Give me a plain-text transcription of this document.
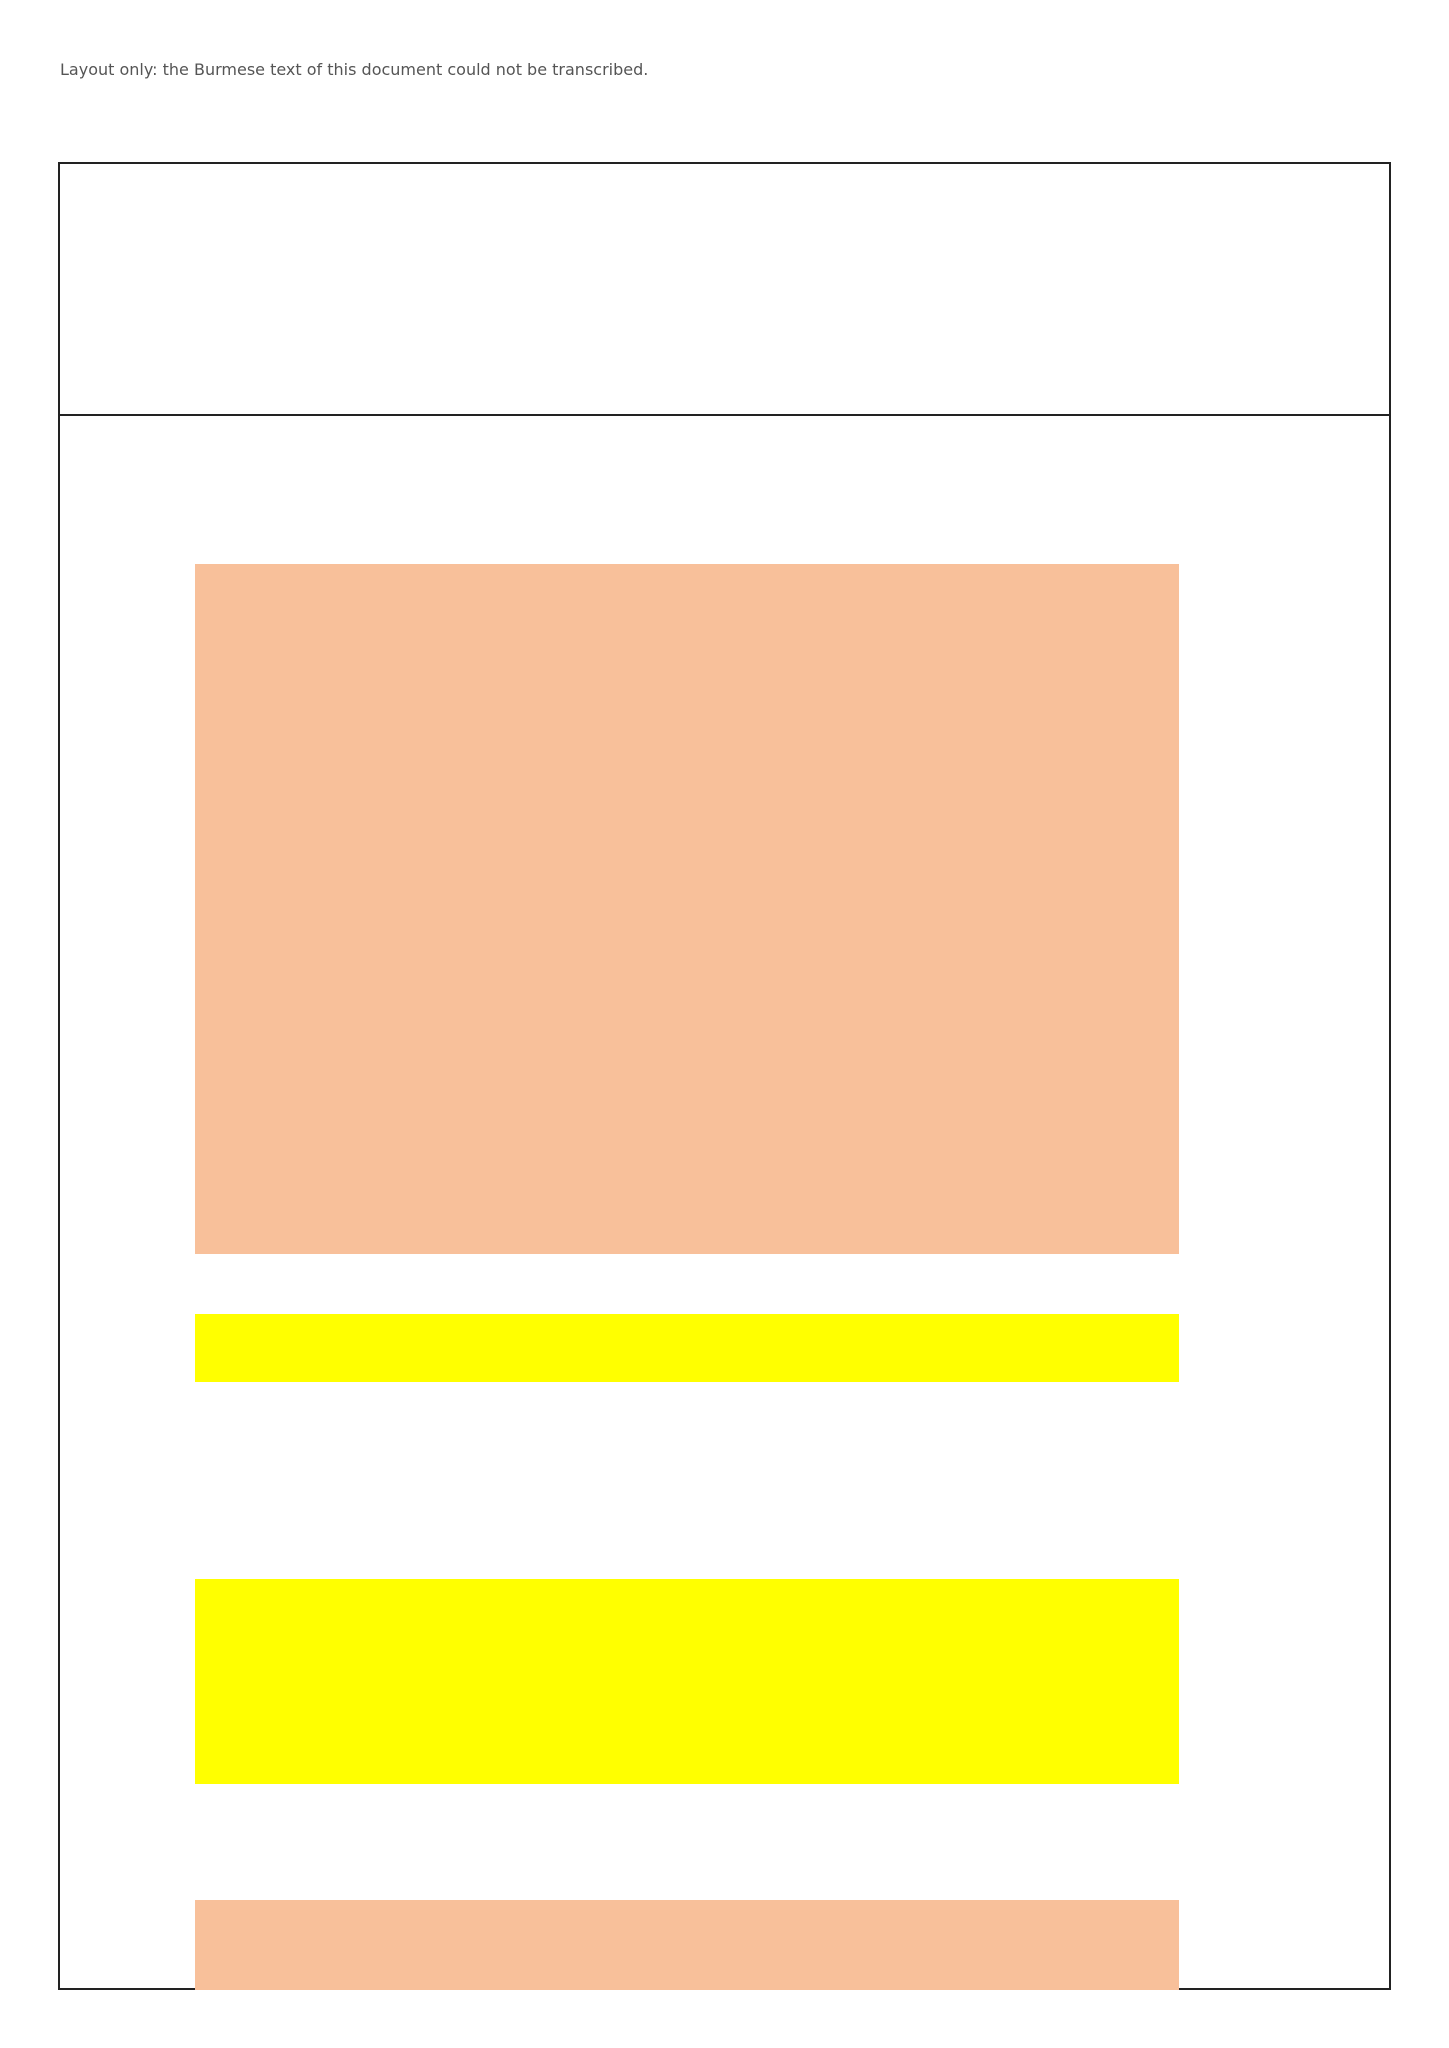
Layout only: the Burmese text of this document could not be transcribed.
